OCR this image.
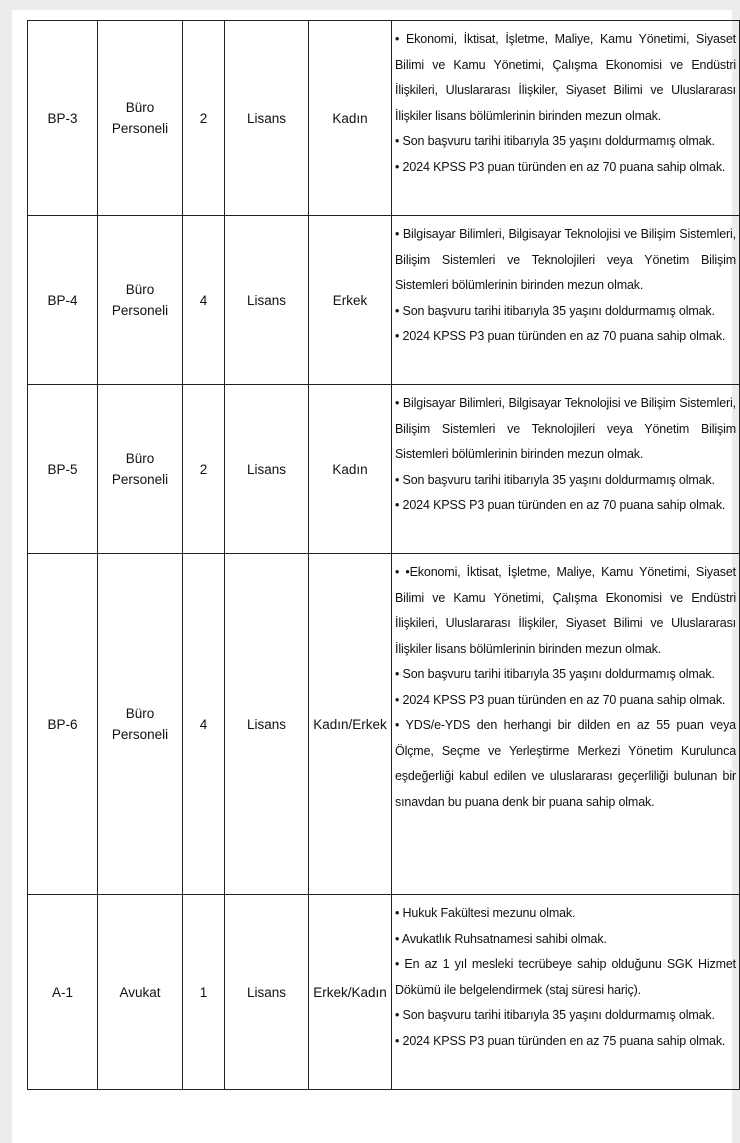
BP-3	Büro Personeli	2	Lisans	Kadın	• Ekonomi, İktisat, İşletme, Maliye, Kamu Yönetimi, Siyaset Bilimi ve Kamu Yönetimi, Çalışma Ekonomisi ve Endüstri İlişkileri, Uluslararası İlişkiler, Siyaset Bilimi ve Uluslararası İlişkiler lisans bölümlerinin birinden mezun olmak.
• Son başvuru tarihi itibarıyla 35 yaşını doldurmamış olmak.
• 2024 KPSS P3 puan türünden en az 70 puana sahip olmak.

BP-4	Büro Personeli	4	Lisans	Erkek	• Bilgisayar Bilimleri, Bilgisayar Teknolojisi ve Bilişim Sistemleri, Bilişim Sistemleri ve Teknolojileri veya Yönetim Bilişim Sistemleri bölümlerinin birinden mezun olmak.
• Son başvuru tarihi itibarıyla 35 yaşını doldurmamış olmak.
• 2024 KPSS P3 puan türünden en az 70 puana sahip olmak.

BP-5	Büro Personeli	2	Lisans	Kadın	• Bilgisayar Bilimleri, Bilgisayar Teknolojisi ve Bilişim Sistemleri, Bilişim Sistemleri ve Teknolojileri veya Yönetim Bilişim Sistemleri bölümlerinin birinden mezun olmak.
• Son başvuru tarihi itibarıyla 35 yaşını doldurmamış olmak.
• 2024 KPSS P3 puan türünden en az 70 puana sahip olmak.

BP-6	Büro Personeli	4	Lisans	Kadın/Erkek	• •Ekonomi, İktisat, İşletme, Maliye, Kamu Yönetimi, Siyaset Bilimi ve Kamu Yönetimi, Çalışma Ekonomisi ve Endüstri İlişkileri, Uluslararası İlişkiler, Siyaset Bilimi ve Uluslararası İlişkiler lisans bölümlerinin birinden mezun olmak.
• Son başvuru tarihi itibarıyla 35 yaşını doldurmamış olmak.
• 2024 KPSS P3 puan türünden en az 70 puana sahip olmak.
• YDS/e-YDS den herhangi bir dilden en az 55 puan veya Ölçme, Seçme ve Yerleştirme Merkezi Yönetim Kurulunca eşdeğerliği kabul edilen ve uluslararası geçerliliği bulunan bir sınavdan bu puana denk bir puana sahip olmak.

A-1	Avukat	1	Lisans	Erkek/Kadın	• Hukuk Fakültesi mezunu olmak.
• Avukatlık Ruhsatnamesi sahibi olmak.
• En az 1 yıl mesleki tecrübeye sahip olduğunu SGK Hizmet Dökümü ile belgelendirmek (staj süresi hariç).
• Son başvuru tarihi itibarıyla 35 yaşını doldurmamış olmak.
• 2024 KPSS P3 puan türünden en az 75 puana sahip olmak.
